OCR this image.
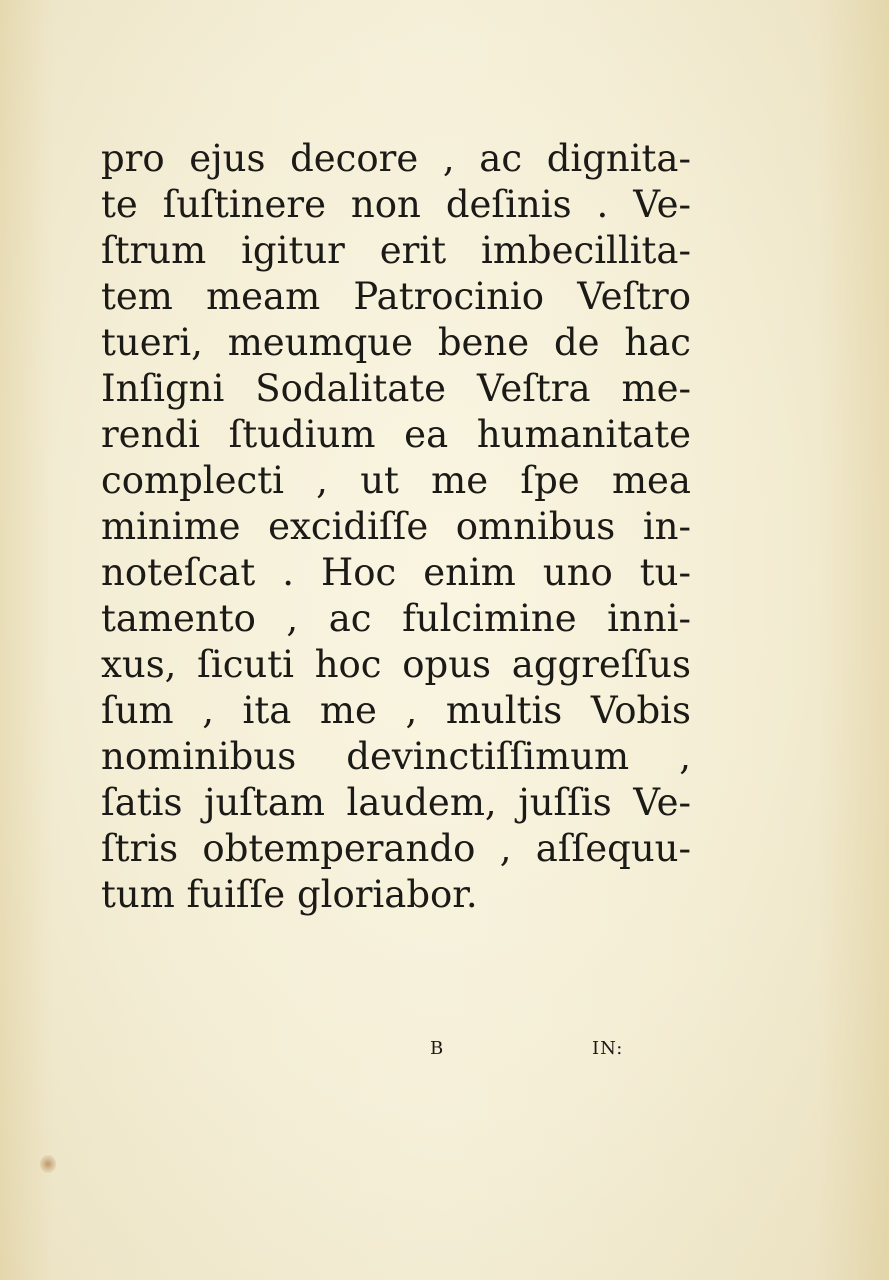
pro ejus decore , ac dignita-
te ſuſtinere non deſinis . Ve-
ſtrum igitur erit imbecillita-
tem meam Patrocinio Veſtro
tueri, meumque bene de hac
Inſigni Sodalitate Veſtra me-
rendi ſtudium ea humanitate
complecti , ut me ſpe mea
minime excidiſſe omnibus in-
noteſcat . Hoc enim uno tu-
tamento , ac fulcimine inni-
xus, ſicuti hoc opus aggreſſus
ſum , ita me , multis Vobis
nominibus devinctiſſimum ,
ſatis juſtam laudem, juſſis Ve-
ſtris obtemperando , aſſequu-
tum fuiſſe gloriabor.
B	IN:
